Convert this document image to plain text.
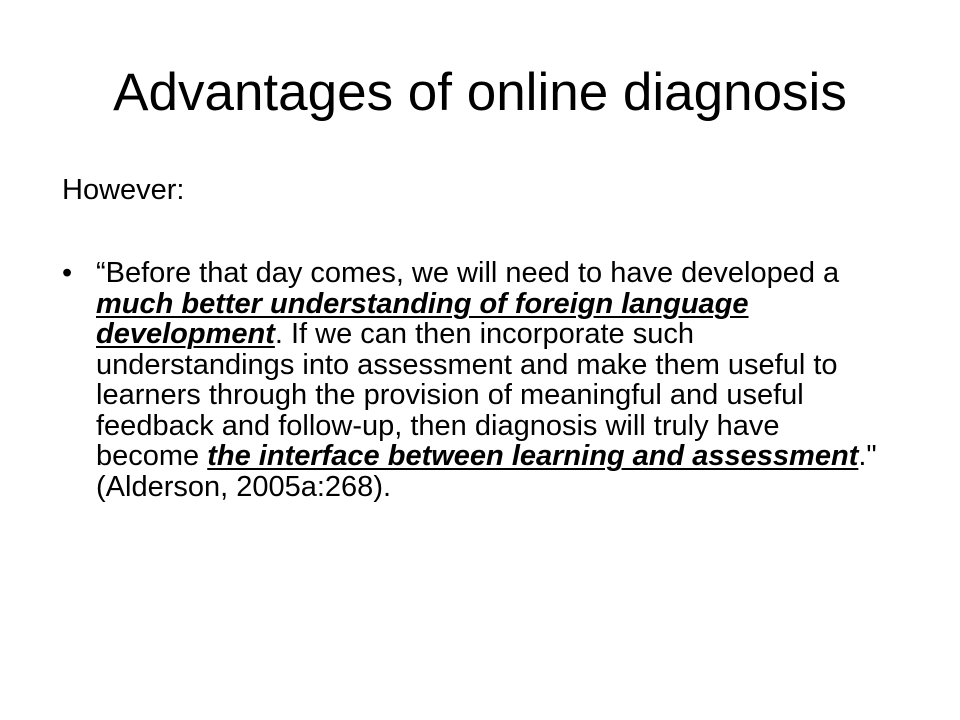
Advantages of online diagnosis
However:
• “Before that day comes, we will need to have developed a much better understanding of foreign language development. If we can then incorporate such understandings into assessment and make them useful to learners through the provision of meaningful and useful feedback and follow-up, then diagnosis will truly have become the interface between learning and assessment." (Alderson, 2005a:268).
